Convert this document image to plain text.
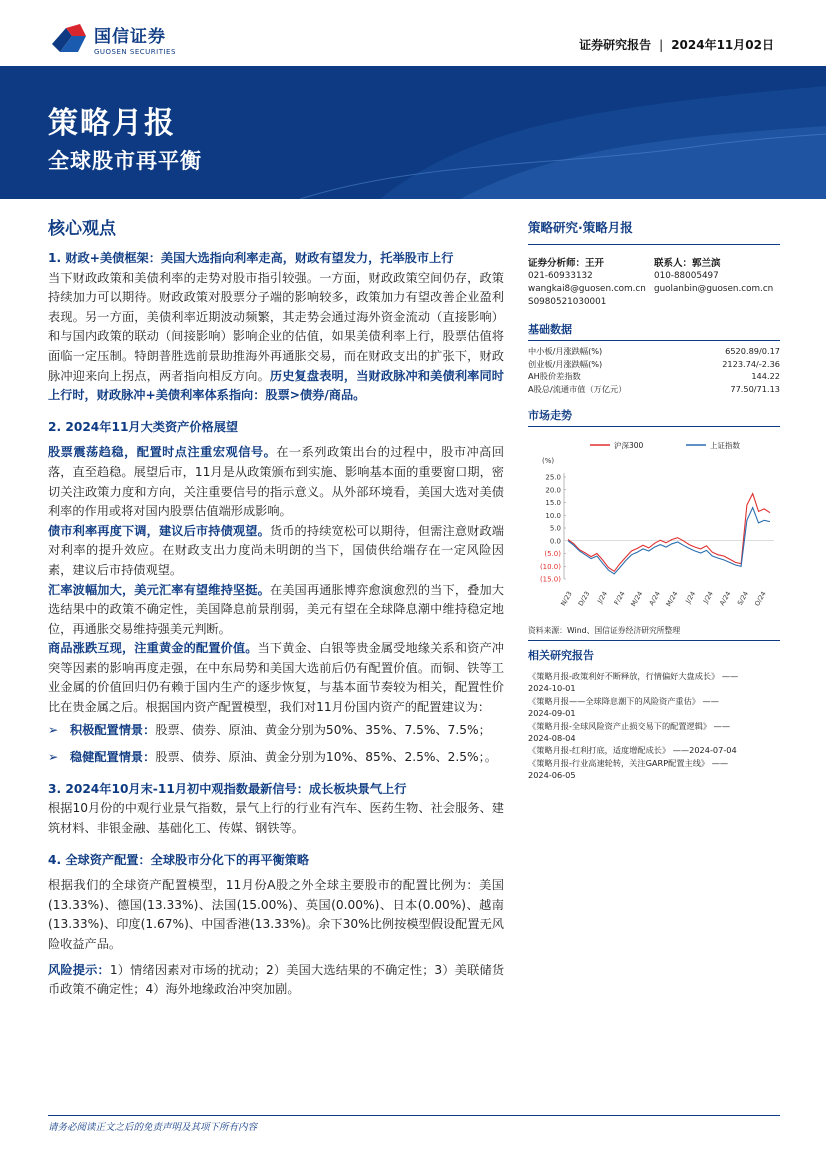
国信证券
GUOSEN SECURITIES	证券研究报告 | 2024年11月02日
策略月报
全球股市再平衡
核心观点
1. 财政+美债框架：美国大选指向利率走高，财政有望发力，托举股市上行
当下财政政策和美债利率的走势对股市指引较强。一方面，财政政策空间仍存，政策持续加力可以期待。财政政策对股票分子端的影响较多，政策加力有望改善企业盈利表现。另一方面，美债利率近期波动频繁，其走势会通过海外资金流动（直接影响）和与国内政策的联动（间接影响）影响企业的估值，如果美债利率上行，股票估值将面临一定压制。特朗普胜选前景助推海外再通胀交易，而在财政支出的扩张下，财政脉冲迎来向上拐点，两者指向相反方向。历史复盘表明，当财政脉冲和美债利率同时上行时，财政脉冲+美债利率体系指向：股票>债券/商品。
2. 2024年11月大类资产价格展望
股票震荡趋稳，配置时点注重宏观信号。在一系列政策出台的过程中，股市冲高回落，直至趋稳。展望后市，11月是从政策颁布到实施、影响基本面的重要窗口期，密切关注政策力度和方向，关注重要信号的指示意义。从外部环境看，美国大选对美债利率的作用或将对国内股票估值端形成影响。
债市利率再度下调，建议后市持债观望。货币的持续宽松可以期待，但需注意财政端对利率的提升效应。在财政支出力度尚未明朗的当下，国债供给端存在一定风险因素，建议后市持债观望。
汇率波幅加大，美元汇率有望维持坚挺。在美国再通胀博弈愈演愈烈的当下，叠加大选结果中的政策不确定性，美国降息前景削弱，美元有望在全球降息潮中维持稳定地位，再通胀交易维持强美元判断。
商品涨跌互现，注重黄金的配置价值。当下黄金、白银等贵金属受地缘关系和资产冲突等因素的影响再度走强，在中东局势和美国大选前后仍有配置价值。而铜、铁等工业金属的价值回归仍有赖于国内生产的逐步恢复，与基本面节奏较为相关，配置性价比在贵金属之后。根据国内资产配置模型，我们对11月份国内资产的配置建议为：
➢ 积极配置情景：股票、债券、原油、黄金分别为50%、35%、7.5%、7.5%；
➢ 稳健配置情景：股票、债券、原油、黄金分别为10%、85%、2.5%、2.5%；。
3. 2024年10月末-11月初中观指数最新信号：成长板块景气上行
根据10月份的中观行业景气指数，景气上行的行业有汽车、医药生物、社会服务、建筑材料、非银金融、基础化工、传媒、钢铁等。
4. 全球资产配置：全球股市分化下的再平衡策略
根据我们的全球资产配置模型，11月份A股之外全球主要股市的配置比例为：美国(13.33%)、德国(13.33%)、法国(15.00%)、英国(0.00%)、日本(0.00%)、越南(13.33%)、印度(1.67%)、中国香港(13.33%)。余下30%比例按模型假设配置无风险收益产品。
风险提示：1）情绪因素对市场的扰动；2）美国大选结果的不确定性；3）美联储货币政策不确定性；4）海外地缘政治冲突加剧。
策略研究·策略月报
证券分析师：王开
021-60933132
wangkai8@guosen.com.cn
S0980521030001
联系人：郭兰滨
010-88005497
guolanbin@guosen.com.cn
基础数据
中小板/月涨跌幅(%)	6520.89/0.17
创业板/月涨跌幅(%)	2123.74/-2.36
AH股价差指数	144.22
A股总/流通市值（万亿元）	77.50/71.13
市场走势
沪深300	上证指数
(%)
25.0
20.0
15.0
10.0
5.0
0.0
(5.0)
(10.0)
(15.0)
N/23 D/23 J/24 F/24 M/24 A/24 M/24 J/24 J/24 A/24 S/24 O/24
资料来源：Wind、国信证券经济研究所整理
相关研究报告
《策略月报-政策利好不断释放，行情偏好大盘成长》 ——
2024-10-01
《策略月报——全球降息潮下的风险资产重估》 ——
2024-09-01
《策略月报-全球风险资产止损交易下的配置逻辑》 ——
2024-08-04
《策略月报-红利打底，适度增配成长》 ——2024-07-04
《策略月报-行业高速轮转，关注GARP配置主线》 ——
2024-06-05
请务必阅读正文之后的免责声明及其项下所有内容
